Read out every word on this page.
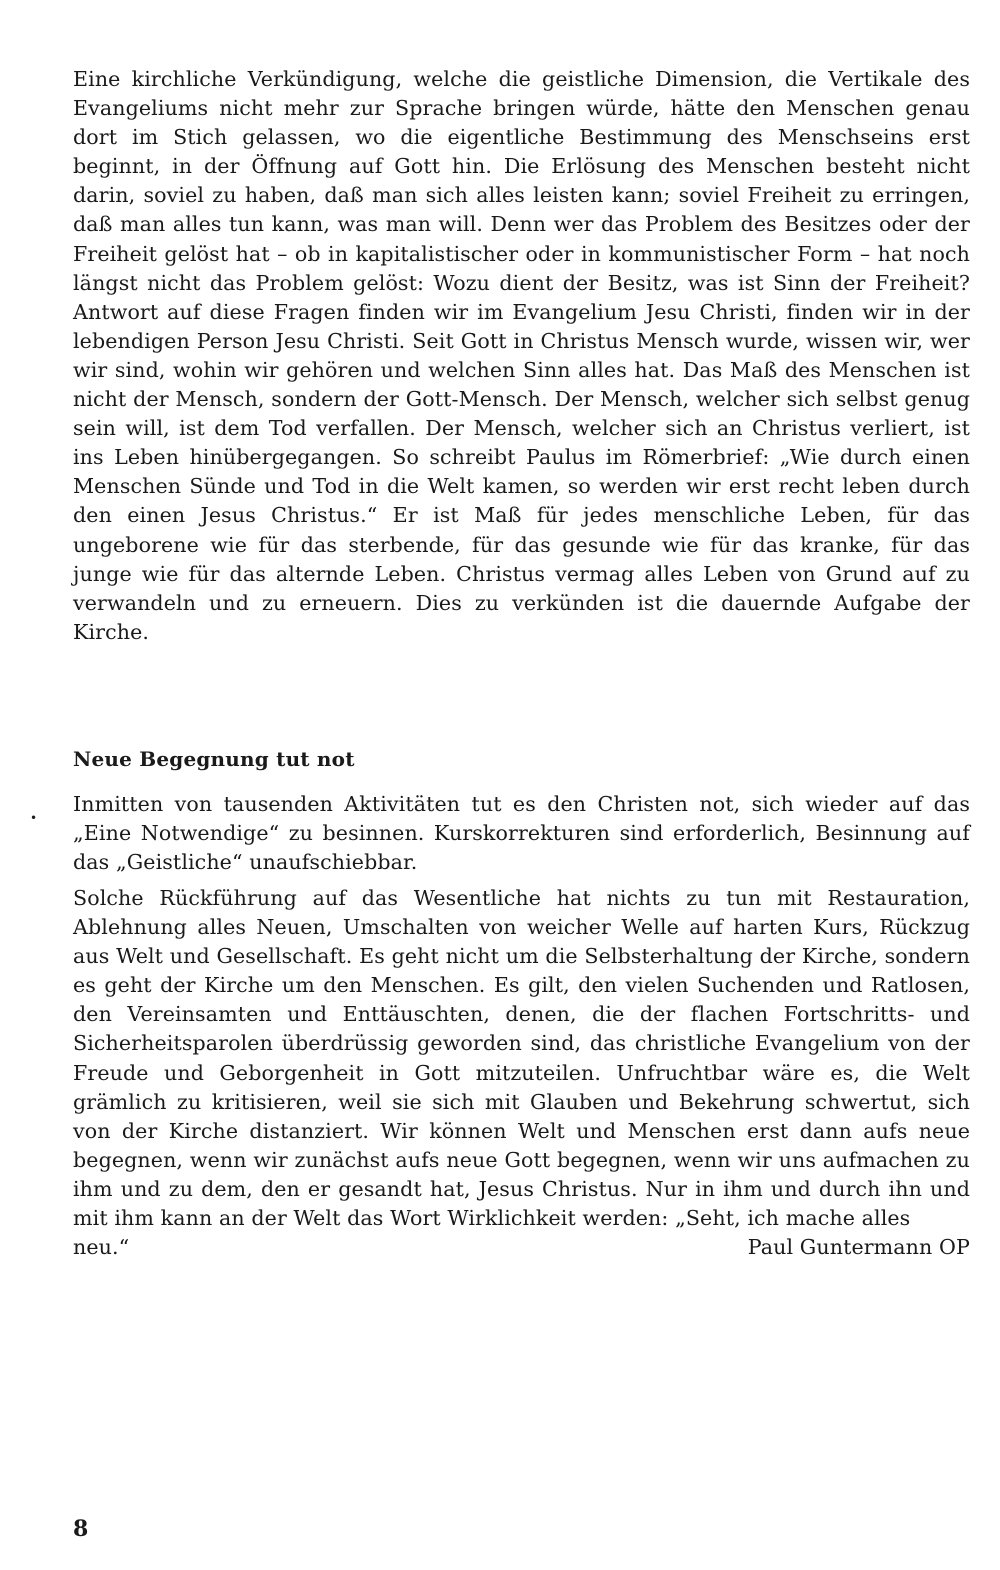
Eine kirchliche Verkündigung, welche die geistliche Dimension, die Vertikale des Evangeliums nicht mehr zur Sprache bringen würde, hätte den Menschen genau dort im Stich gelassen, wo die eigentliche Bestimmung des Menschseins erst beginnt, in der Öffnung auf Gott hin. Die Erlösung des Menschen besteht nicht darin, soviel zu haben, daß man sich alles leisten kann; soviel Freiheit zu erringen, daß man alles tun kann, was man will. Denn wer das Problem des Besitzes oder der Freiheit gelöst hat – ob in kapitalistischer oder in kommunistischer Form – hat noch längst nicht das Problem gelöst: Wozu dient der Besitz, was ist Sinn der Freiheit? Antwort auf diese Fragen finden wir im Evangelium Jesu Christi, finden wir in der lebendigen Person Jesu Christi. Seit Gott in Christus Mensch wurde, wissen wir, wer wir sind, wohin wir gehören und welchen Sinn alles hat. Das Maß des Menschen ist nicht der Mensch, sondern der Gott-Mensch. Der Mensch, welcher sich selbst genug sein will, ist dem Tod verfallen. Der Mensch, welcher sich an Christus verliert, ist ins Leben hinübergegangen. So schreibt Paulus im Römerbrief: „Wie durch einen Menschen Sünde und Tod in die Welt kamen, so werden wir erst recht leben durch den einen Jesus Christus.“ Er ist Maß für jedes menschliche Leben, für das ungeborene wie für das sterbende, für das gesunde wie für das kranke, für das junge wie für das alternde Leben. Christus vermag alles Leben von Grund auf zu verwandeln und zu erneuern. Dies zu verkünden ist die dauernde Aufgabe der Kirche.

Neue Begegnung tut not
•

Inmitten von tausenden Aktivitäten tut es den Christen not, sich wieder auf das „Eine Notwendige“ zu besinnen. Kurskorrekturen sind erforderlich, Besinnung auf das „Geistliche“ unaufschiebbar.

Solche Rückführung auf das Wesentliche hat nichts zu tun mit Restauration, Ablehnung alles Neuen, Umschalten von weicher Welle auf harten Kurs, Rückzug aus Welt und Gesellschaft. Es geht nicht um die Selbsterhaltung der Kirche, sondern es geht der Kirche um den Menschen. Es gilt, den vielen Suchenden und Ratlosen, den Vereinsamten und Enttäuschten, denen, die der flachen Fortschritts- und Sicherheitsparolen überdrüssig geworden sind, das christliche Evangelium von der Freude und Geborgenheit in Gott mitzuteilen. Unfruchtbar wäre es, die Welt grämlich zu kritisieren, weil sie sich mit Glauben und Bekehrung schwertut, sich von der Kirche distanziert. Wir können Welt und Menschen erst dann aufs neue begegnen, wenn wir zunächst aufs neue Gott begegnen, wenn wir uns aufmachen zu ihm und zu dem, den er gesandt hat, Jesus Christus. Nur in ihm und durch ihn und mit ihm kann an der Welt das Wort Wirklichkeit werden: „Seht, ich mache alles
neu.“	Paul Guntermann OP
8
